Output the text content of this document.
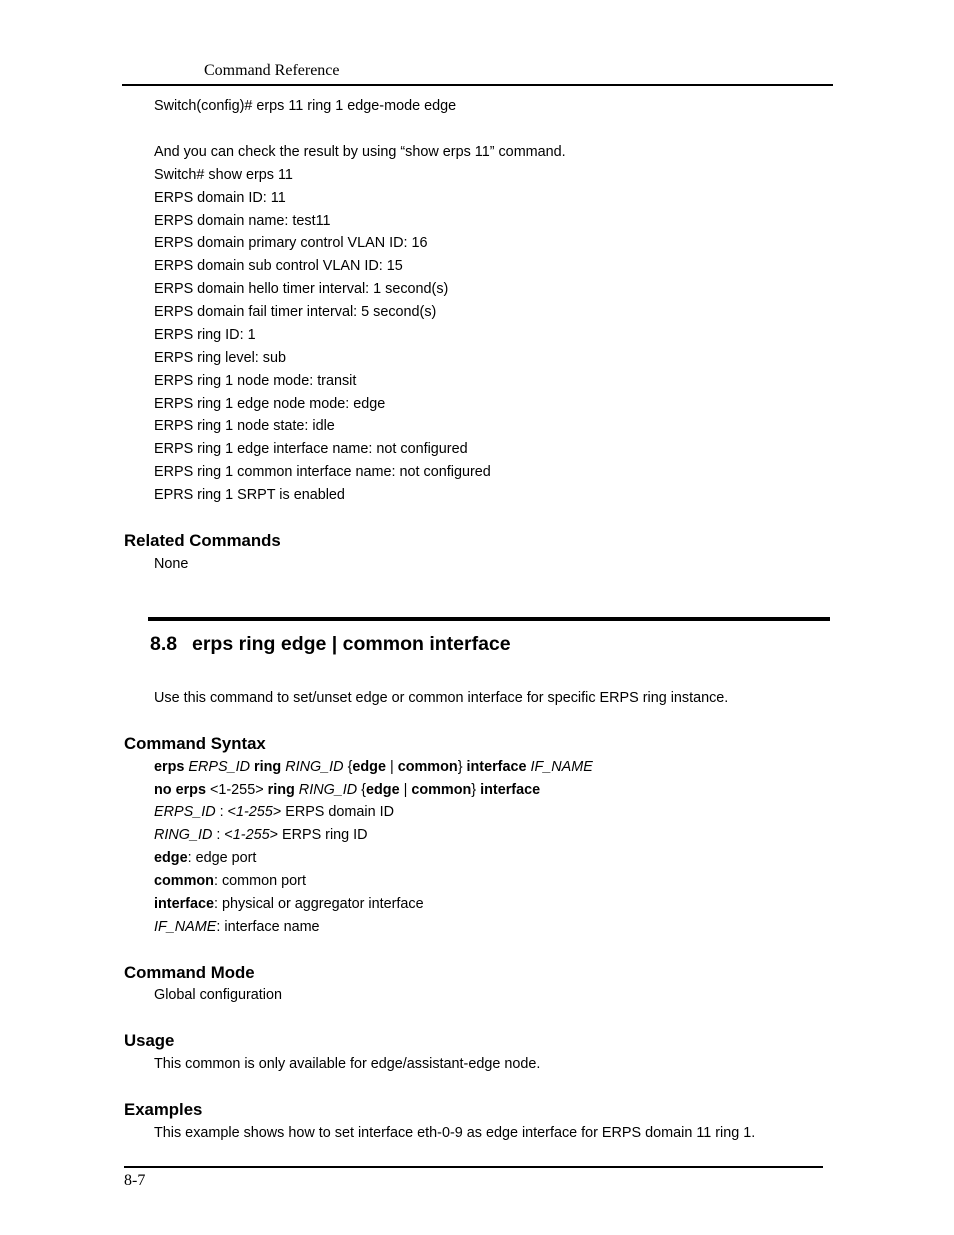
Command Reference
Switch(config)# erps 11 ring 1 edge-mode edge
And you can check the result by using “show erps 11” command.
Switch# show erps 11
ERPS domain ID: 11
ERPS domain name: test11
ERPS domain primary control VLAN ID: 16
ERPS domain sub control VLAN ID: 15
ERPS domain hello timer interval: 1 second(s)
ERPS domain fail timer interval: 5 second(s)
ERPS ring ID: 1
ERPS ring level: sub
ERPS ring 1 node mode: transit
ERPS ring 1 edge node mode: edge
ERPS ring 1 node state: idle
ERPS ring 1 edge interface name: not configured
ERPS ring 1 common interface name: not configured
EPRS ring 1 SRPT is enabled
Related Commands
None
8.8 erps ring edge | common interface
Use this command to set/unset edge or common interface for specific ERPS ring instance.
Command Syntax
erps ERPS_ID ring RING_ID {edge | common} interface IF_NAME
no erps <1-255> ring RING_ID {edge | common} interface
ERPS_ID : <1-255> ERPS domain ID
RING_ID : <1-255> ERPS ring ID
edge: edge port
common: common port
interface: physical or aggregator interface
IF_NAME: interface name
Command Mode
Global configuration
Usage
This common is only available for edge/assistant-edge node.
Examples
This example shows how to set interface eth-0-9 as edge interface for ERPS domain 11 ring 1.
8-7
